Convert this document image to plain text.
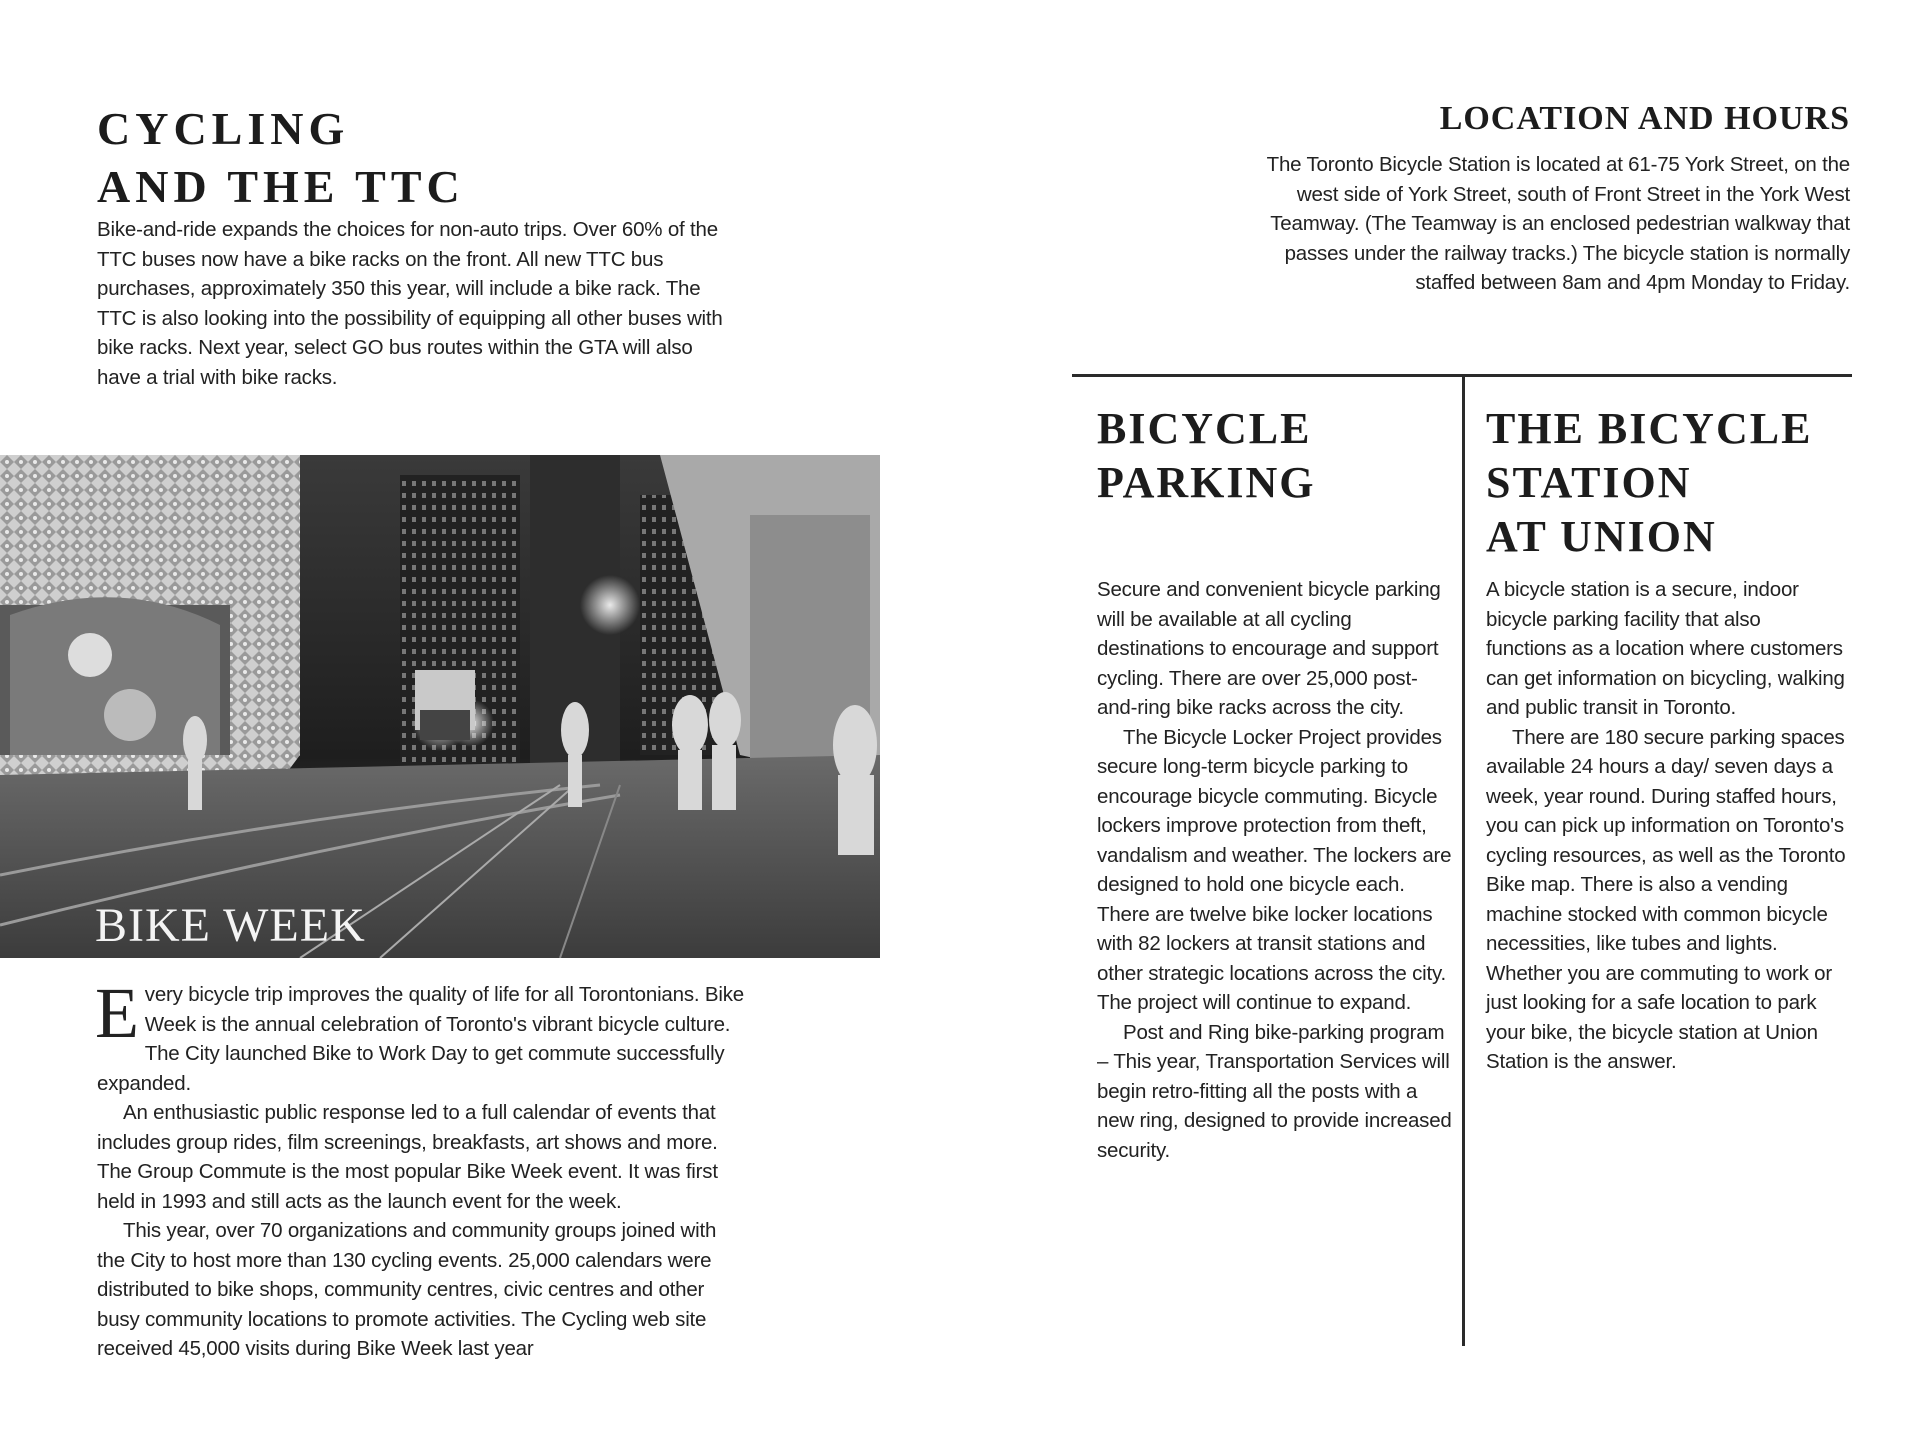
CYCLING
AND THE TTC

Bike-and-ride expands the choices for non-auto trips. Over 60% of the TTC buses now have a bike racks on the front. All new TTC bus purchases, approximately 350 this year, will include a bike rack. The TTC is also looking into the possibility of equipping all other buses with bike racks. Next year, select GO bus routes within the GTA will also have a trial with bike racks.

BIKE WEEK

Every bicycle trip improves the quality of life for all Torontonians. Bike Week is the annual celebration of Toronto's vibrant bicycle culture. The City launched Bike to Work Day to get commute successfully expanded.

An enthusiastic public response led to a full calendar of events that includes group rides, film screenings, breakfasts, art shows and more. The Group Commute is the most popular Bike Week event. It was first held in 1993 and still acts as the launch event for the week.

This year, over 70 organizations and community groups joined with the City to host more than 130 cycling events. 25,000 calendars were distributed to bike shops, community centres, civic centres and other busy community locations to promote activities. The Cycling web site received 45,000 visits during Bike Week last year

LOCATION AND HOURS

The Toronto Bicycle Station is located at 61-75 York Street, on the west side of York Street, south of Front Street in the York West Teamway. (The Teamway is an enclosed pedestrian walkway that passes under the railway tracks.) The bicycle station is normally staffed between 8am and 4pm Monday to Friday.

BICYCLE
PARKING

Secure and convenient bicycle parking will be available at all cycling destinations to encourage and support cycling. There are over 25,000 post-and-ring bike racks across the city.

The Bicycle Locker Project provides secure long-term bicycle parking to encourage bicycle commuting. Bicycle lockers improve protection from theft, vandalism and weather. The lockers are designed to hold one bicycle each. There are twelve bike locker locations with 82 lockers at transit stations and other strategic locations across the city. The project will continue to expand.

Post and Ring bike-parking program – This year, Transportation Services will begin retro-fitting all the posts with a new ring, designed to provide increased security.

THE BICYCLE
STATION
AT UNION

A bicycle station is a secure, indoor bicycle parking facility that also functions as a location where customers can get information on bicycling, walking and public transit in Toronto.

There are 180 secure parking spaces available 24 hours a day/ seven days a week, year round. During staffed hours, you can pick up information on Toronto's cycling resources, as well as the Toronto Bike map. There is also a vending machine stocked with common bicycle necessities, like tubes and lights. Whether you are commuting to work or just looking for a safe location to park your bike, the bicycle station at Union Station is the answer.
